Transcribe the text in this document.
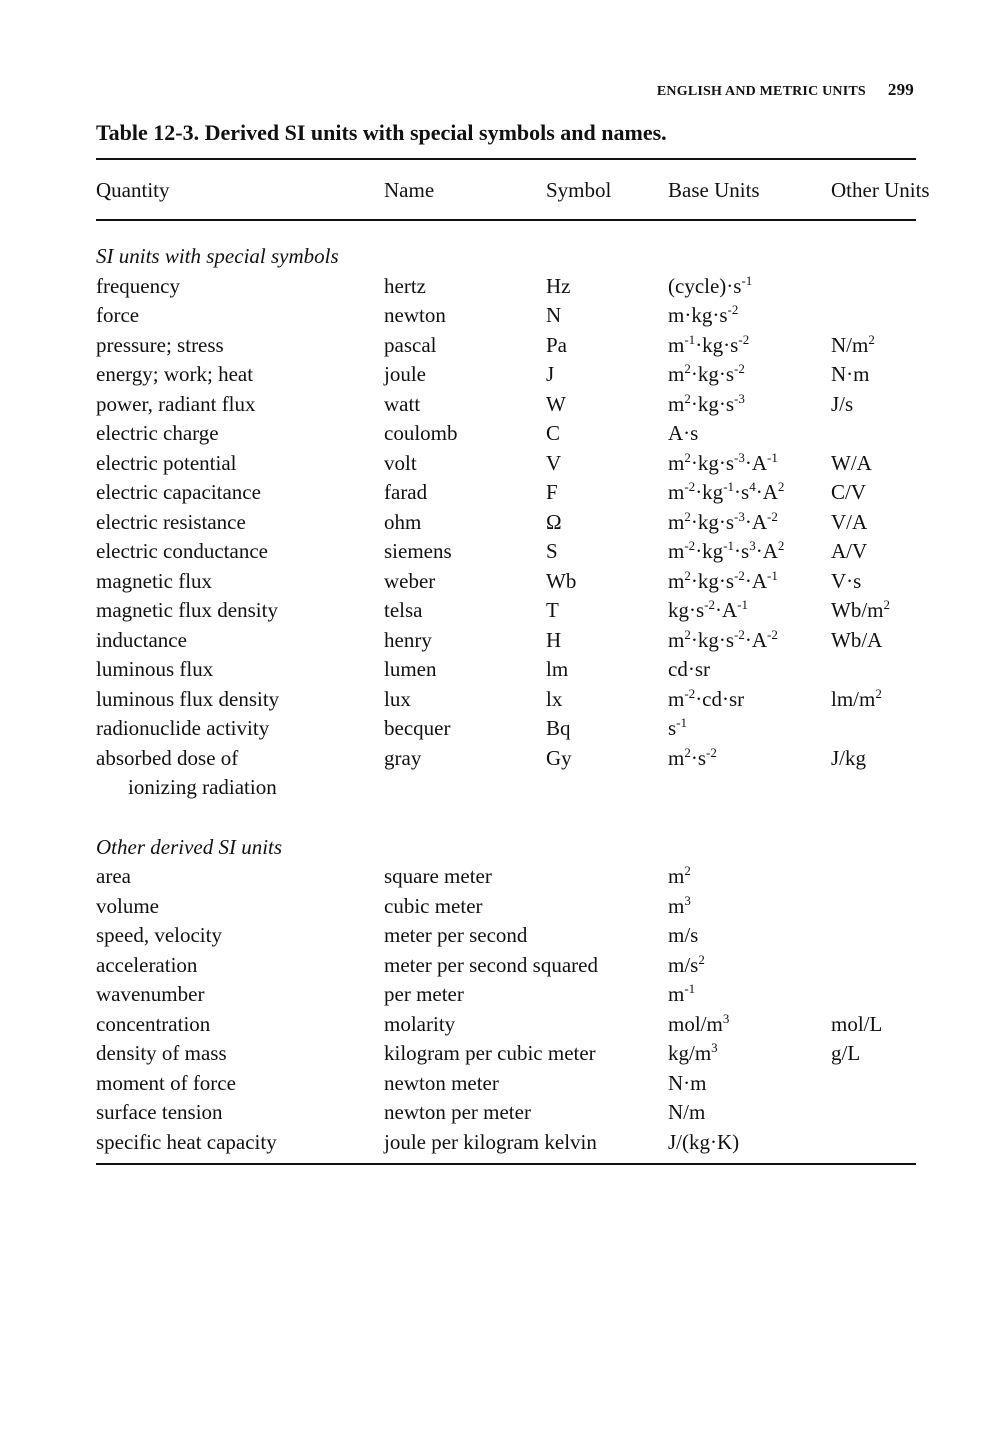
ENGLISH AND METRIC UNITS 299
Table 12-3. Derived SI units with special symbols and names.
Quantity	Name	Symbol	Base Units	Other Units

SI units with special symbols				
frequency	hertz	Hz	$(cycle)\cdot s^{-1}$	
force	newton	N	$m\cdot kg\cdot s^{-2}$	
pressure; stress	pascal	Pa	$m^{-1}\cdot kg\cdot s^{-2}$	$N/m^2$
energy; work; heat	joule	J	$m^2\cdot kg\cdot s^{-2}$	N·m
power, radiant flux	watt	W	$m^2\cdot kg\cdot s^{-3}$	J/s
electric charge	coulomb	C	A·s	
electric potential	volt	V	$m^2\cdot kg\cdot s^{-3}\cdot A^{-1}$	W/A
electric capacitance	farad	F	$m^{-2}\cdot kg^{-1}\cdot s^4\cdot A^2$	C/V
electric resistance	ohm	Ω	$m^2\cdot kg\cdot s^{-3}\cdot A^{-2}$	V/A
electric conductance	siemens	S	$m^{-2}\cdot kg^{-1}\cdot s^3\cdot A^2$	A/V
magnetic flux	weber	Wb	$m^2\cdot kg\cdot s^{-2}\cdot A^{-1}$	V·s
magnetic flux density	telsa	T	$kg\cdot s^{-2}\cdot A^{-1}$	$Wb/m^2$
inductance	henry	H	$m^2\cdot kg\cdot s^{-2}\cdot A^{-2}$	Wb/A
luminous flux	lumen	lm	cd·sr	
luminous flux density	lux	lx	$m^{-2}\cdot cd\cdot sr$	$lm/m^2$
radionuclide activity	becquer	Bq	$s^{-1}$	
absorbed dose of	gray	Gy	$m^2\cdot s^{-2}$	J/kg
ionizing radiation				

Other derived SI units				
area	square meter		$m^2$	
volume	cubic meter		$m^3$	
speed, velocity	meter per second		m/s	
acceleration	meter per second squared		$m/s^2$	
wavenumber	per meter		$m^{-1}$	
concentration	molarity		mol/$m^3$	mol/L
density of mass	kilogram per cubic meter		$kg/m^3$	g/L
moment of force	newton meter		N·m	
surface tension	newton per meter		N/m	
specific heat capacity	joule per kilogram kelvin		J/(kg·K)	
